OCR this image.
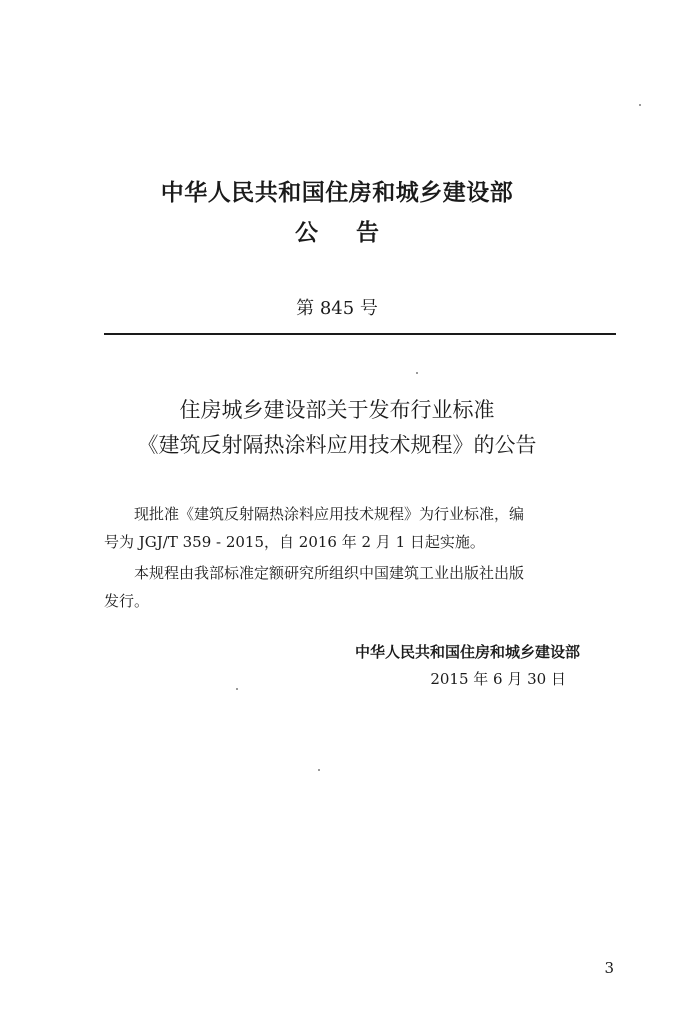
中华人民共和国住房和城乡建设部
公告
第 845 号
住房城乡建设部关于发布行业标准
《建筑反射隔热涂料应用技术规程》的公告
现批准《建筑反射隔热涂料应用技术规程》为行业标准，编
号为 JGJ/T 359 - 2015，自 2016 年 2 月 1 日起实施。
本规程由我部标准定额研究所组织中国建筑工业出版社出版
发行。
中华人民共和国住房和城乡建设部
2015 年 6 月 30 日
3
